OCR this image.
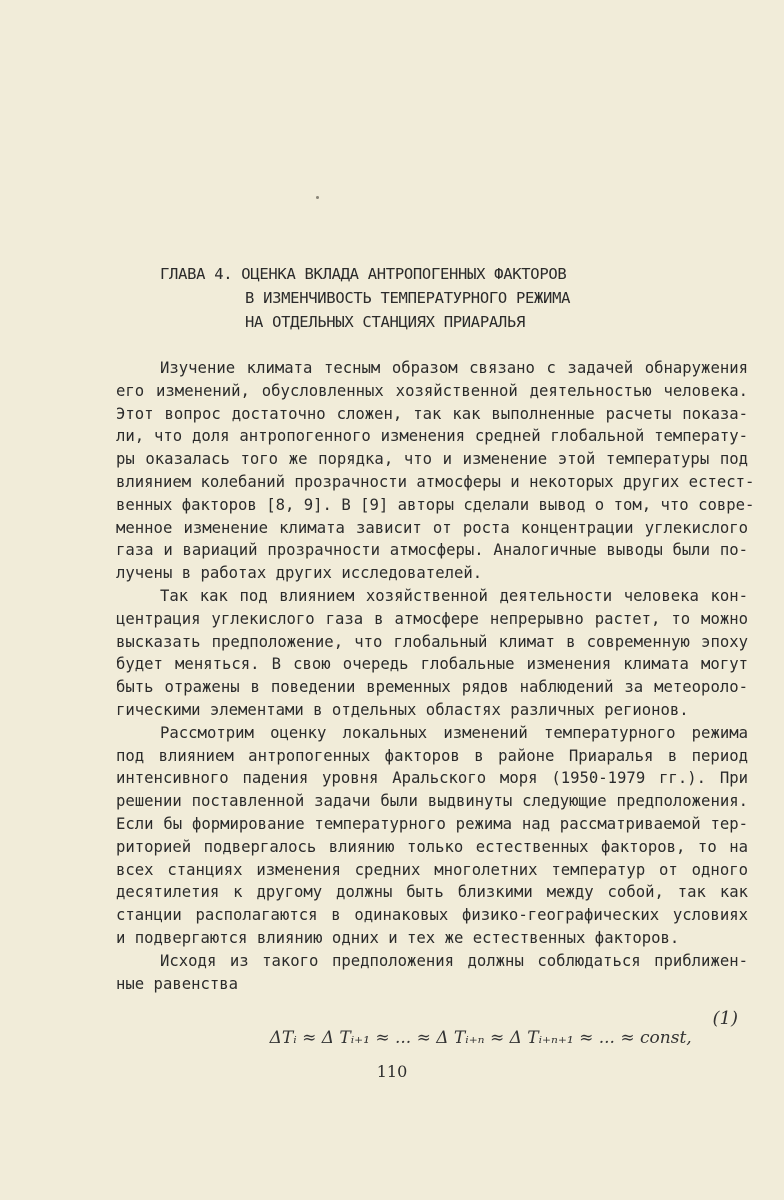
ГЛАВА 4. ОЦЕНКА ВКЛАДА АНТРОПОГЕННЫХ ФАКТОРОВ

В ИЗМЕНЧИВОСТЬ ТЕМПЕРАТУРНОГО РЕЖИМА

НА ОТДЕЛЬНЫХ СТАНЦИЯХ ПРИАРАЛЬЯ

Изучение климата тесным образом связано с задачей обнаружения
его изменений, обусловленных хозяйственной деятельностью человека.
Этот вопрос достаточно сложен, так как выполненные расчеты показа-
ли, что доля антропогенного изменения средней глобальной температу-
ры оказалась того же порядка, что и изменение этой температуры под
влиянием колебаний прозрачности атмосферы и некоторых других естест-
венных факторов [8, 9]. В [9] авторы сделали вывод о том, что совре-
менное изменение климата зависит от роста концентрации углекислого
газа и вариаций прозрачности атмосферы. Аналогичные выводы были по-
лучены в работах других исследователей.
Так как под влиянием хозяйственной деятельности человека кон-
центрация углекислого газа в атмосфере непрерывно растет, то можно
высказать предположение, что глобальный климат в современную эпоху
будет меняться. В свою очередь глобальные изменения климата могут
быть отражены в поведении временных рядов наблюдений за метеороло-
гическими элементами в отдельных областях различных регионов.
Рассмотрим оценку локальных изменений температурного режима
под влиянием антропогенных факторов в районе Приаралья в период
интенсивного падения уровня Аральского моря (1950-1979 гг.). При
решении поставленной задачи были выдвинуты следующие предположения.
Если бы формирование температурного режима над рассматриваемой тер-
риторией подвергалось влиянию только естественных факторов, то на
всех станциях изменения средних многолетних температур от одного
десятилетия к другому должны быть близкими между собой, так как
станции располагаются в одинаковых физико-географических условиях
и подвергаются влиянию одних и тех же естественных факторов.
Исходя из такого предположения должны соблюдаться приближен-
ные равенства

ΔTᵢ ≈ Δ Tᵢ₊₁ ≈ ... ≈ Δ Tᵢ₊ₙ ≈ Δ Tᵢ₊ₙ₊₁ ≈ ... ≈ const,

(1)

110
